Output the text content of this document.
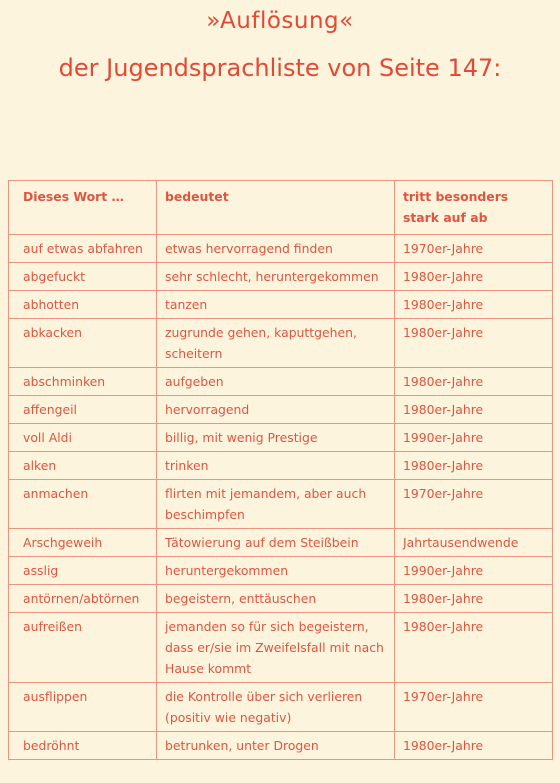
»Auflösung«
der Jugendsprachliste von Seite 147:
Dieses Wort …	bedeutet	tritt besonders stark auf ab
auf etwas abfahren	etwas hervorragend finden	1970er-Jahre
abgefuckt	sehr schlecht, heruntergekommen	1980er-Jahre
abhotten	tanzen	1980er-Jahre
abkacken	zugrunde gehen, kaputtgehen, scheitern	1980er-Jahre
abschminken	aufgeben	1980er-Jahre
affengeil	hervorragend	1980er-Jahre
voll Aldi	billig, mit wenig Prestige	1990er-Jahre
alken	trinken	1980er-Jahre
anmachen	flirten mit jemandem, aber auch beschimpfen	1970er-Jahre
Arschgeweih	Tätowierung auf dem Steißbein	Jahrtausendwende
asslig	heruntergekommen	1990er-Jahre
antörnen/abtörnen	begeistern, enttäuschen	1980er-Jahre
aufreißen	jemanden so für sich begeistern, dass er/sie im Zweifelsfall mit nach Hause kommt	1980er-Jahre
ausflippen	die Kontrolle über sich verlieren (positiv wie negativ)	1970er-Jahre
bedröhnt	betrunken, unter Drogen	1980er-Jahre
